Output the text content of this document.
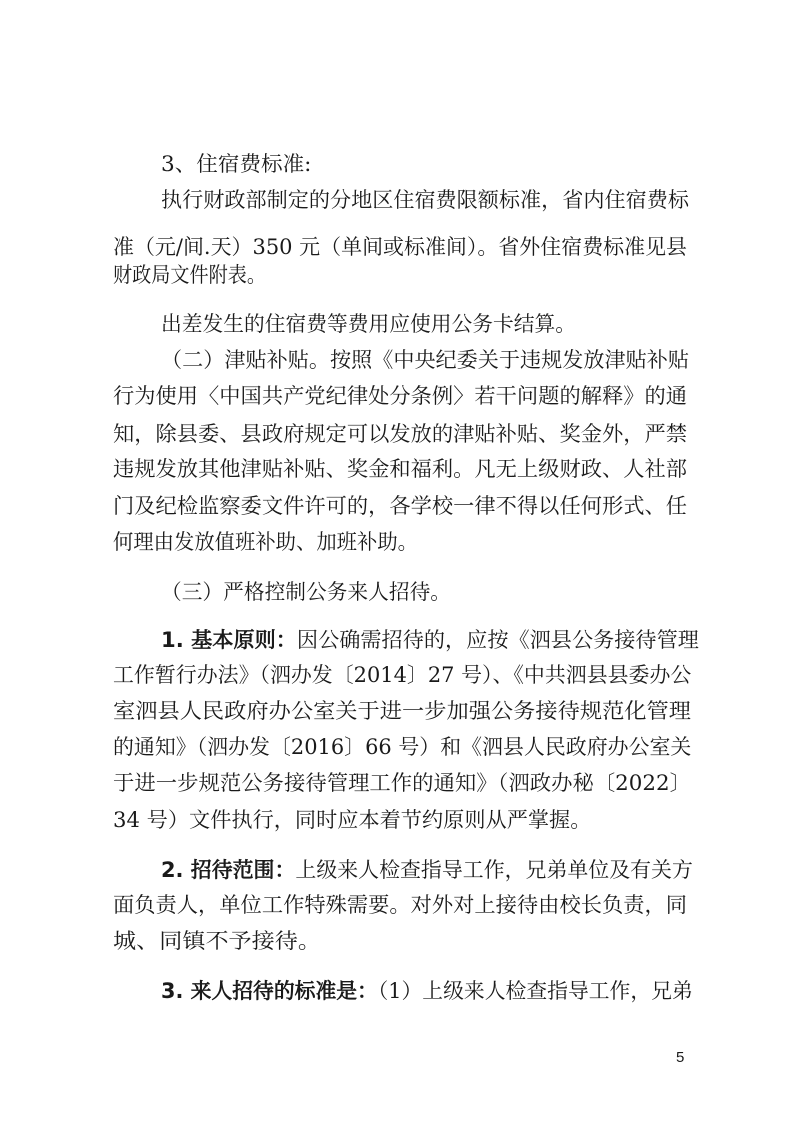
3、住宿费标准:
执行财政部制定的分地区住宿费限额标准，省内住宿费标
准（元/间.天）350 元（单间或标准间）。省外住宿费标准见县
财政局文件附表。
出差发生的住宿费等费用应使用公务卡结算。
（二）津贴补贴。按照《中央纪委关于违规发放津贴补贴
行为使用〈中国共产党纪律处分条例〉若干问题的解释》的通
知，除县委、县政府规定可以发放的津贴补贴、奖金外，严禁
违规发放其他津贴补贴、奖金和福利。凡无上级财政、人社部
门及纪检监察委文件许可的，各学校一律不得以任何形式、任
何理由发放值班补助、加班补助。
（三）严格控制公务来人招待。
1. 基本原则：因公确需招待的，应按《泗县公务接待管理
工作暂行办法》（泗办发〔2014〕27 号）、《中共泗县县委办公
室泗县人民政府办公室关于进一步加强公务接待规范化管理
的通知》（泗办发〔2016〕66 号）和《泗县人民政府办公室关
于进一步规范公务接待管理工作的通知》（泗政办秘〔2022〕
34 号）文件执行，同时应本着节约原则从严掌握。
2. 招待范围：上级来人检查指导工作，兄弟单位及有关方
面负责人，单位工作特殊需要。对外对上接待由校长负责，同
城、同镇不予接待。
3. 来人招待的标准是：（1）上级来人检查指导工作，兄弟
5
